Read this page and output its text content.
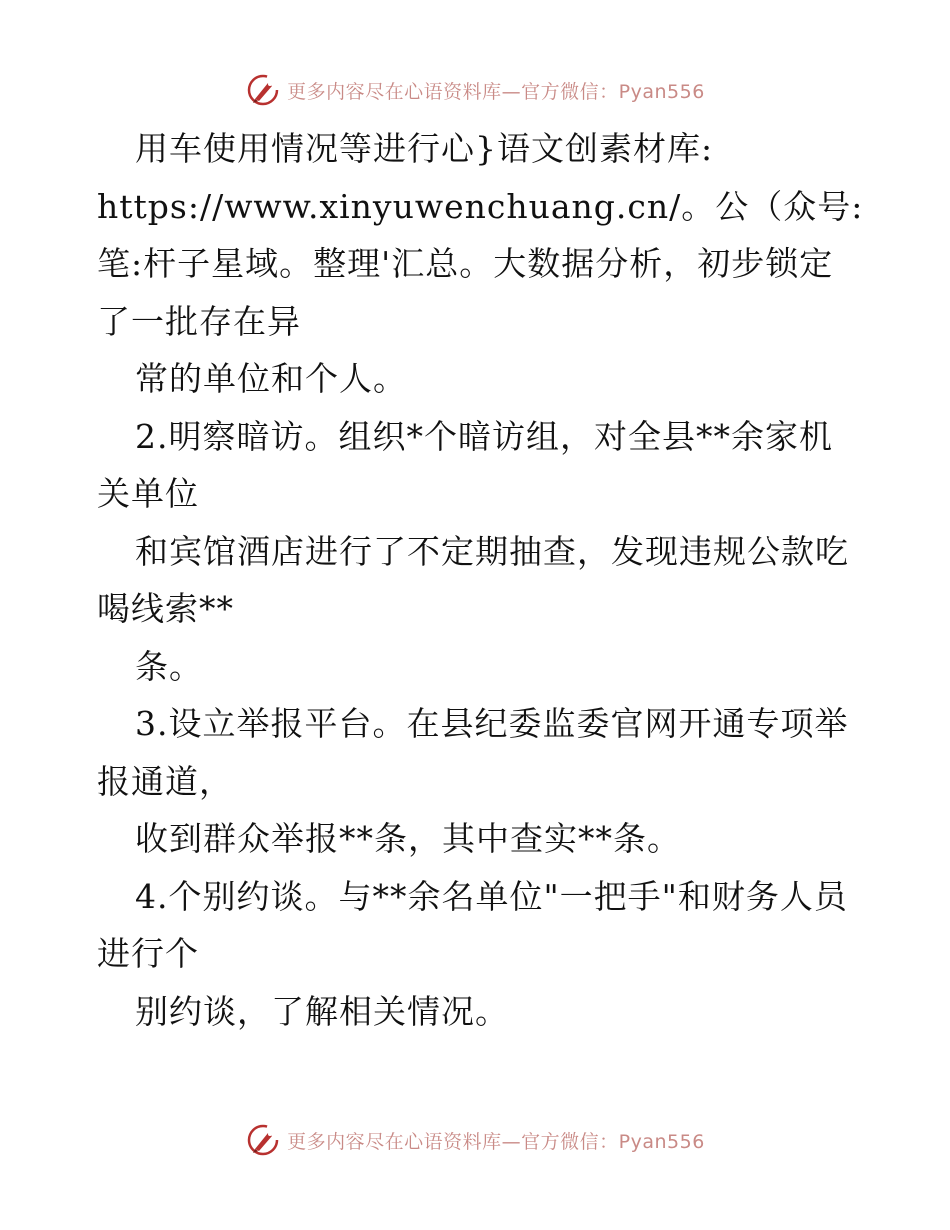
更多内容尽在心语资料库—官方微信：Pyan556
用车使用情况等进行心}语文创素材库:
https://www.xinyuwenchuang.cn/。公（众号:
笔:杆子星域。整理'汇总。大数据分析，初步锁定
了一批存在异
常的单位和个人。
2.明察暗访。组织*个暗访组，对全县**余家机
关单位
和宾馆酒店进行了不定期抽查，发现违规公款吃
喝线索**
条。
3.设立举报平台。在县纪委监委官网开通专项举
报通道，
收到群众举报**条，其中查实**条。
4.个别约谈。与**余名单位"一把手"和财务人员
进行个
别约谈，了解相关情况。
更多内容尽在心语资料库—官方微信：Pyan556
